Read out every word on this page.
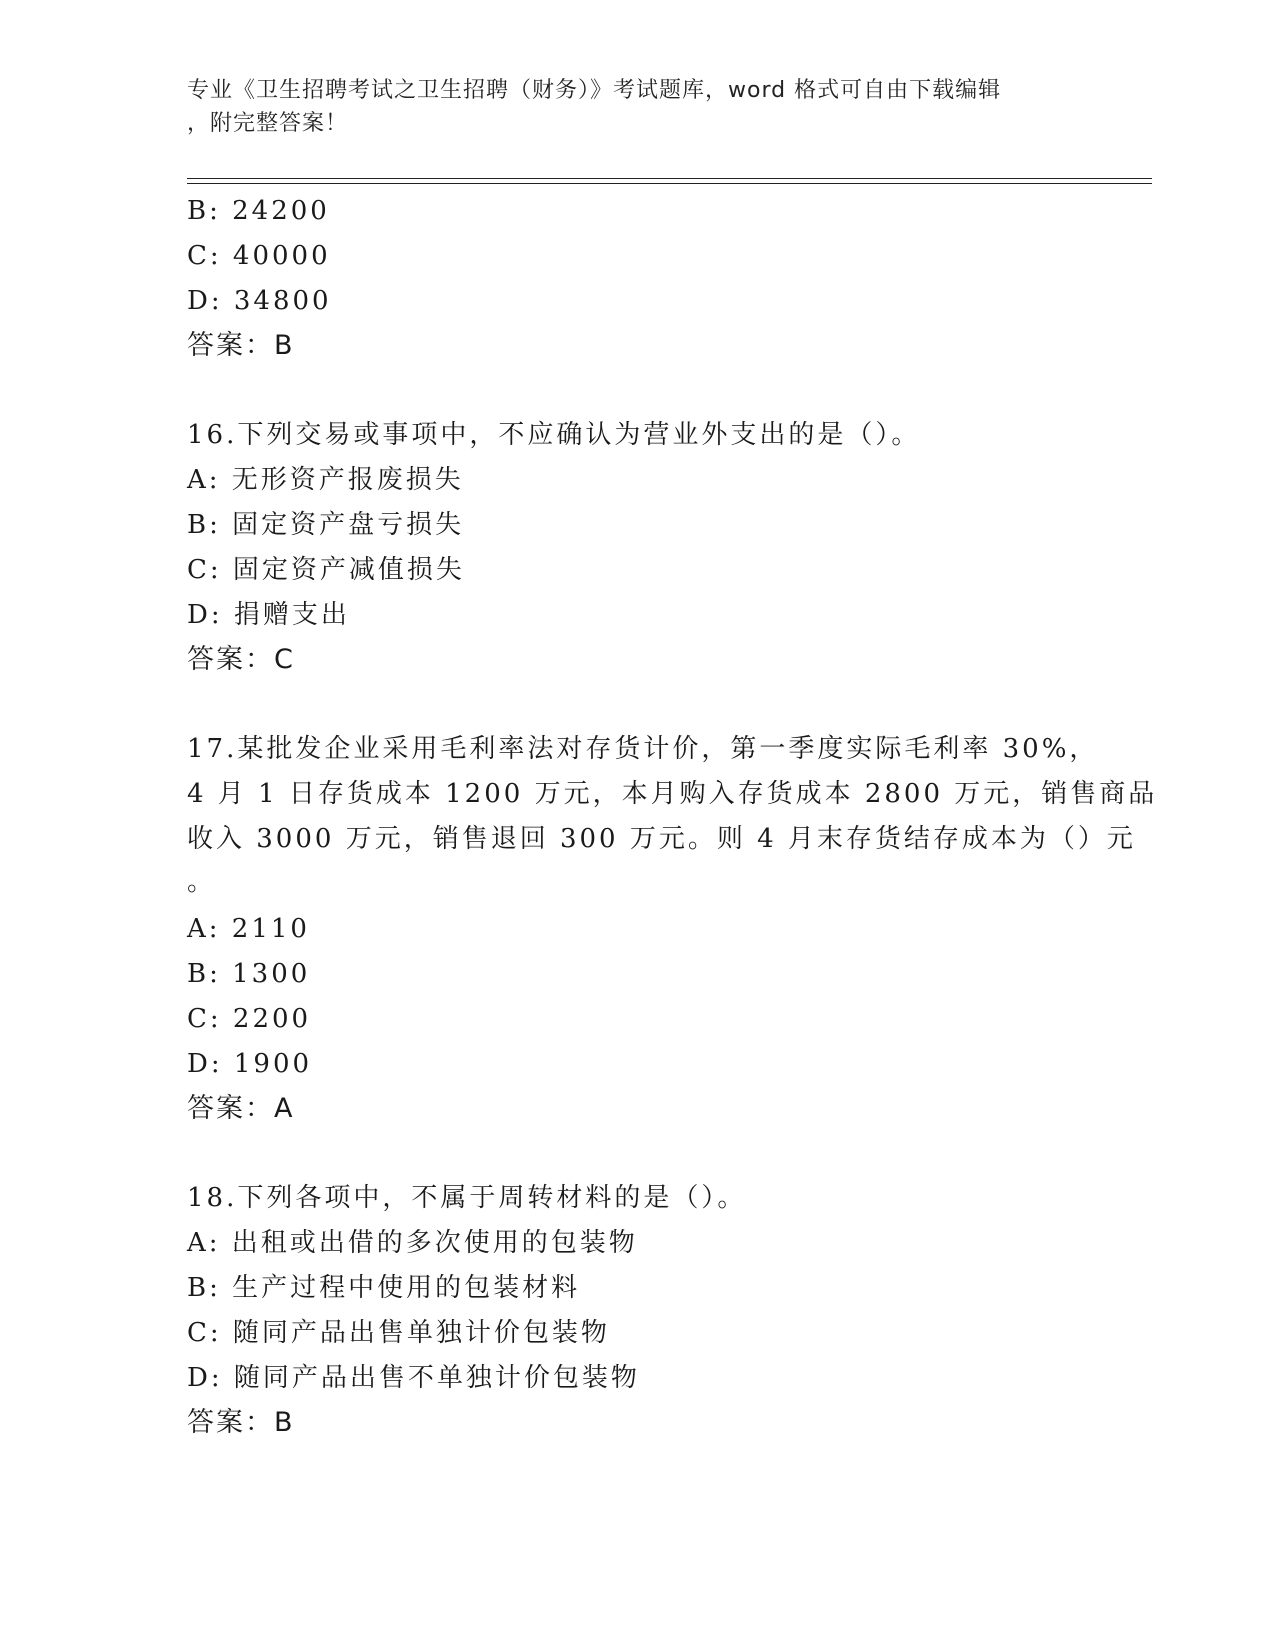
专业《卫生招聘考试之卫生招聘（财务）》考试题库，word 格式可自由下载编辑
，附完整答案！
B: 24200
C: 40000
D: 34800
答案：B
16.下列交易或事项中，不应确认为营业外支出的是（）。
A: 无形资产报废损失
B: 固定资产盘亏损失
C: 固定资产减值损失
D: 捐赠支出
答案：C
17.某批发企业采用毛利率法对存货计价，第一季度实际毛利率 30%，
4 月 1 日存货成本 1200 万元，本月购入存货成本 2800 万元，销售商品
收入 3000 万元，销售退回 300 万元。则 4 月末存货结存成本为（）元
。
A: 2110
B: 1300
C: 2200
D: 1900
答案：A
18.下列各项中，不属于周转材料的是（）。
A: 出租或出借的多次使用的包装物
B: 生产过程中使用的包装材料
C: 随同产品出售单独计价包装物
D: 随同产品出售不单独计价包装物
答案：B
